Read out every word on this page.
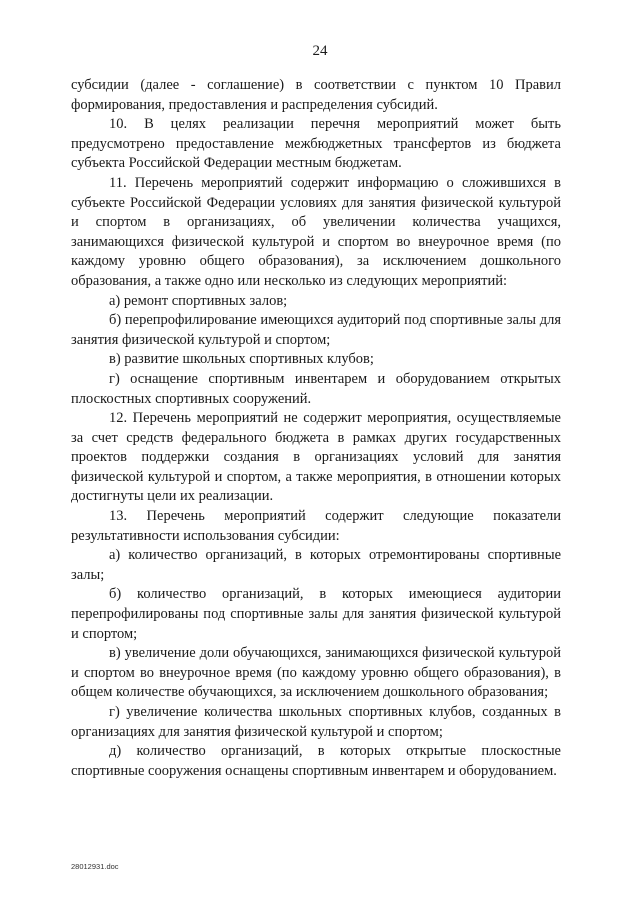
24

субсидии (далее - соглашение) в соответствии с пунктом 10 Правил формирования, предоставления и распределения субсидий.

10. В целях реализации перечня мероприятий может быть предусмотрено предоставление межбюджетных трансфертов из бюджета субъекта Российской Федерации местным бюджетам.

11. Перечень мероприятий содержит информацию о сложившихся в субъекте Российской Федерации условиях для занятия физической культурой и спортом в организациях, об увеличении количества учащихся, занимающихся физической культурой и спортом во внеурочное время (по каждому уровню общего образования), за исключением дошкольного образования, а также одно или несколько из следующих мероприятий:

а) ремонт спортивных залов;

б) перепрофилирование имеющихся аудиторий под спортивные залы для занятия физической культурой и спортом;

в) развитие школьных спортивных клубов;

г) оснащение спортивным инвентарем и оборудованием открытых плоскостных спортивных сооружений.

12. Перечень мероприятий не содержит мероприятия, осуществляемые за счет средств федерального бюджета в рамках других государственных проектов поддержки создания в организациях условий для занятия физической культурой и спортом, а также мероприятия, в отношении которых достигнуты цели их реализации.

13. Перечень мероприятий содержит следующие показатели результативности использования субсидии:

а) количество организаций, в которых отремонтированы спортивные залы;

б) количество организаций, в которых имеющиеся аудитории перепрофилированы под спортивные залы для занятия физической культурой и спортом;

в) увеличение доли обучающихся, занимающихся физической культурой и спортом во внеурочное время (по каждому уровню общего образования), в общем количестве обучающихся, за исключением дошкольного образования;

г) увеличение количества школьных спортивных клубов, созданных в организациях для занятия физической культурой и спортом;

д) количество организаций, в которых открытые плоскостные спортивные сооружения оснащены спортивным инвентарем и оборудованием.

28012931.doc
